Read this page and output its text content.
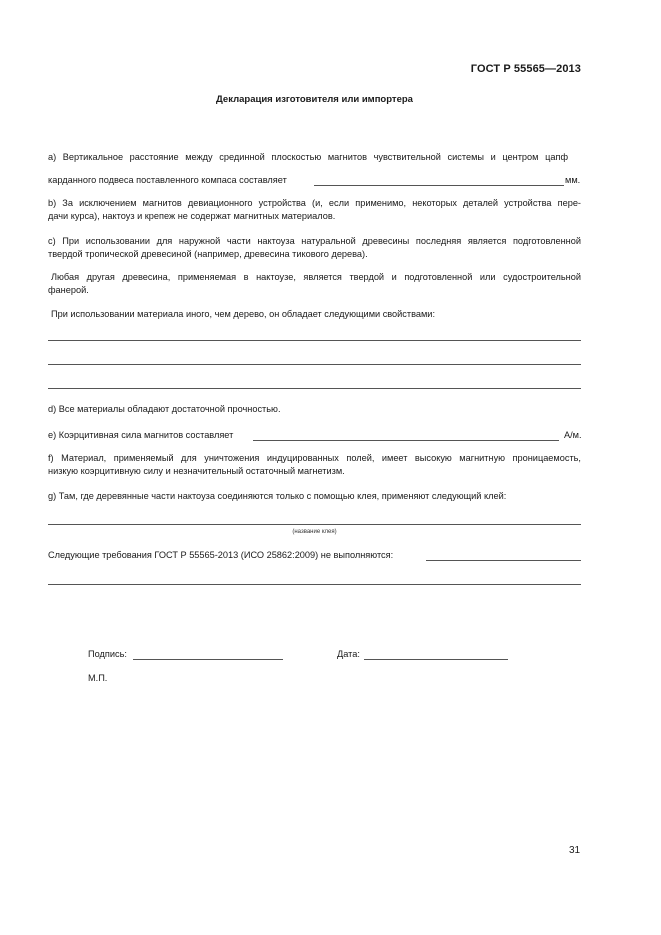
ГОСТ Р 55565—2013
Декларация изготовителя или импортера
а) Вертикальное расстояние между срединной плоскостью магнитов чувствительной системы и центром цапф
карданного подвеса поставленного компаса составляет	мм.
b) За исключением магнитов девиационного устройства (и, если применимо, некоторых деталей устройства пере-
дачи курса), нактоуз и крепеж не содержат магнитных материалов.
с) При использовании для наружной части нактоуза натуральной древесины последняя является подготовленной
твердой тропической древесиной (например, древесина тикового дерева).
Любая другая древесина, применяемая в нактоузе, является твердой и подготовленной или судостроительной
фанерой.
При использовании материала иного, чем дерево, он обладает следующими свойствами:
d) Все материалы обладают достаточной прочностью.
е) Коэрцитивная сила магнитов составляет	А/м.
f) Материал, применяемый для уничтожения индуцированных полей, имеет высокую магнитную проницаемость,
низкую коэрцитивную силу и незначительный остаточный магнетизм.
g) Там, где деревянные части нактоуза соединяются только с помощью клея, применяют следующий клей:
(название клея)
Следующие требования ГОСТ Р 55565-2013 (ИСО 25862:2009) не выполняются:
Подпись:	Дата:
М.П.
31
